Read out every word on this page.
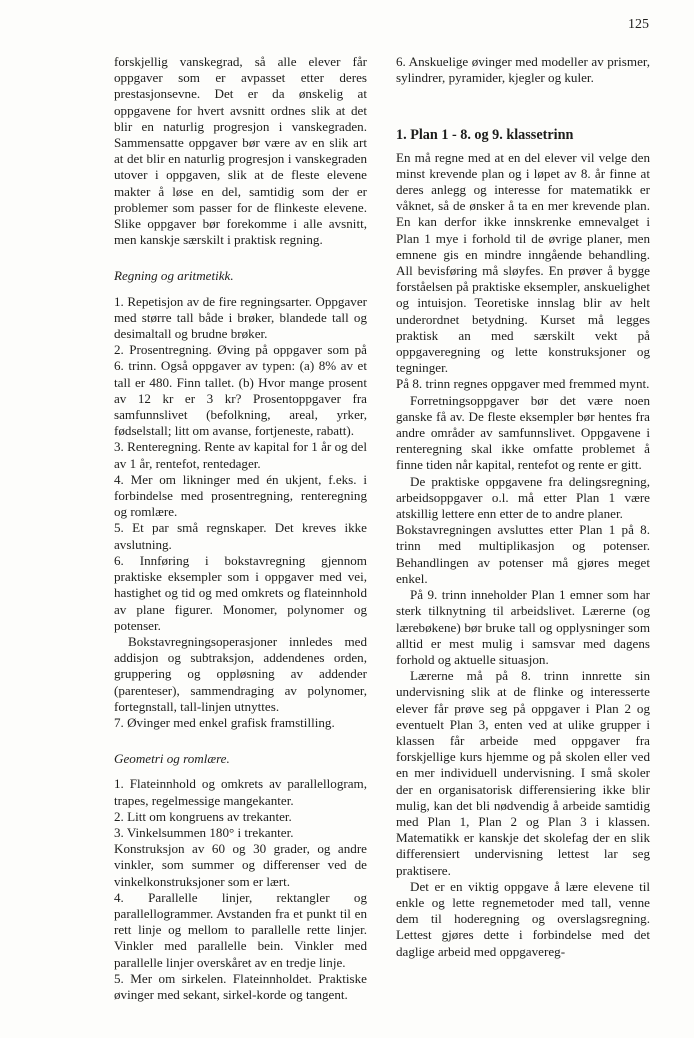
125

forskjellig vanskegrad, så alle elever får oppgaver som er avpasset etter deres prestasjonsevne. Det er da ønskelig at oppgavene for hvert avsnitt ordnes slik at det blir en naturlig progresjon i vanskegraden. Sammensatte oppgaver bør være av en slik art at det blir en naturlig progresjon i vanskegraden utover i oppgaven, slik at de fleste elevene makter å løse en del, samtidig som der er problemer som passer for de flinkeste elevene. Slike oppgaver bør forekomme i alle avsnitt, men kanskje særskilt i praktisk regning.

Regning og aritmetikk.

1. Repetisjon av de fire regningsarter. Oppgaver med større tall både i brøker, blandede tall og desimaltall og brudne brøker.

2. Prosentregning. Øving på oppgaver som på 6. trinn. Også oppgaver av typen: (a) 8% av et tall er 480. Finn tallet. (b) Hvor mange prosent av 12 kr er 3 kr? Prosentoppgaver fra samfunnslivet (befolkning, areal, yrker, fødselstall; litt om avanse, fortjeneste, rabatt).

3. Renteregning. Rente av kapital for 1 år og del av 1 år, rentefot, rentedager.

4. Mer om likninger med én ukjent, f.eks. i forbindelse med prosentregning, renteregning og romlære.

5. Et par små regnskaper. Det kreves ikke avslutning.

6. Innføring i bokstavregning gjennom praktiske eksempler som i oppgaver med vei, hastighet og tid og med omkrets og flateinnhold av plane figurer. Monomer, polynomer og potenser.

Bokstavregningsoperasjoner innledes med addisjon og subtraksjon, addendenes orden, gruppering og oppløsning av addender (parenteser), sammendraging av polynomer, fortegnstall, tall-linjen utnyttes.

7. Øvinger med enkel grafisk framstilling.

Geometri og romlære.

1. Flateinnhold og omkrets av parallellogram, trapes, regelmessige mangekanter.

2. Litt om kongruens av trekanter.

3. Vinkelsummen 180° i trekanter.

Konstruksjon av 60 og 30 grader, og andre vinkler, som summer og differenser ved de vinkelkonstruksjoner som er lært.

4. Parallelle linjer, rektangler og parallellogrammer. Avstanden fra et punkt til en rett linje og mellom to parallelle rette linjer. Vinkler med parallelle bein. Vinkler med parallelle linjer overskåret av en tredje linje.

5. Mer om sirkelen. Flateinnholdet. Praktiske øvinger med sekant, sirkel-korde og tangent.

6. Anskuelige øvinger med modeller av prismer, sylindrer, pyramider, kjegler og kuler.

1. Plan 1 - 8. og 9. klassetrinn

En må regne med at en del elever vil velge den minst krevende plan og i løpet av 8. år finne at deres anlegg og interesse for matematikk er våknet, så de ønsker å ta en mer krevende plan. En kan derfor ikke innskrenke emnevalget i Plan 1 mye i forhold til de øvrige planer, men emnene gis en mindre inngående behandling. All bevisføring må sløyfes. En prøver å bygge forståelsen på praktiske eksempler, anskuelighet og intuisjon. Teoretiske innslag blir av helt underordnet betydning. Kurset må legges praktisk an med særskilt vekt på oppgaveregning og lette konstruksjoner og tegninger.

På 8. trinn regnes oppgaver med fremmed mynt.

Forretningsoppgaver bør det være noen ganske få av. De fleste eksempler bør hentes fra andre områder av samfunnslivet. Oppgavene i renteregning skal ikke omfatte problemet å finne tiden når kapital, rentefot og rente er gitt.

De praktiske oppgavene fra delingsregning, arbeidsoppgaver o.l. må etter Plan 1 være atskillig lettere enn etter de to andre planer.

Bokstavregningen avsluttes etter Plan 1 på 8. trinn med multiplikasjon og potenser. Behandlingen av potenser må gjøres meget enkel.

På 9. trinn inneholder Plan 1 emner som har sterk tilknytning til arbeidslivet. Lærerne (og lærebøkene) bør bruke tall og opplysninger som alltid er mest mulig i samsvar med dagens forhold og aktuelle situasjon.

Lærerne må på 8. trinn innrette sin undervisning slik at de flinke og interesserte elever får prøve seg på oppgaver i Plan 2 og eventuelt Plan 3, enten ved at ulike grupper i klassen får arbeide med oppgaver fra forskjellige kurs hjemme og på skolen eller ved en mer individuell undervisning. I små skoler der en organisatorisk differensiering ikke blir mulig, kan det bli nødvendig å arbeide samtidig med Plan 1, Plan 2 og Plan 3 i klassen. Matematikk er kanskje det skolefag der en slik differensiert undervisning lettest lar seg praktisere.

Det er en viktig oppgave å lære elevene til enkle og lette regnemetoder med tall, venne dem til hoderegning og overslagsregning. Lettest gjøres dette i forbindelse med det daglige arbeid med oppgavereg-
